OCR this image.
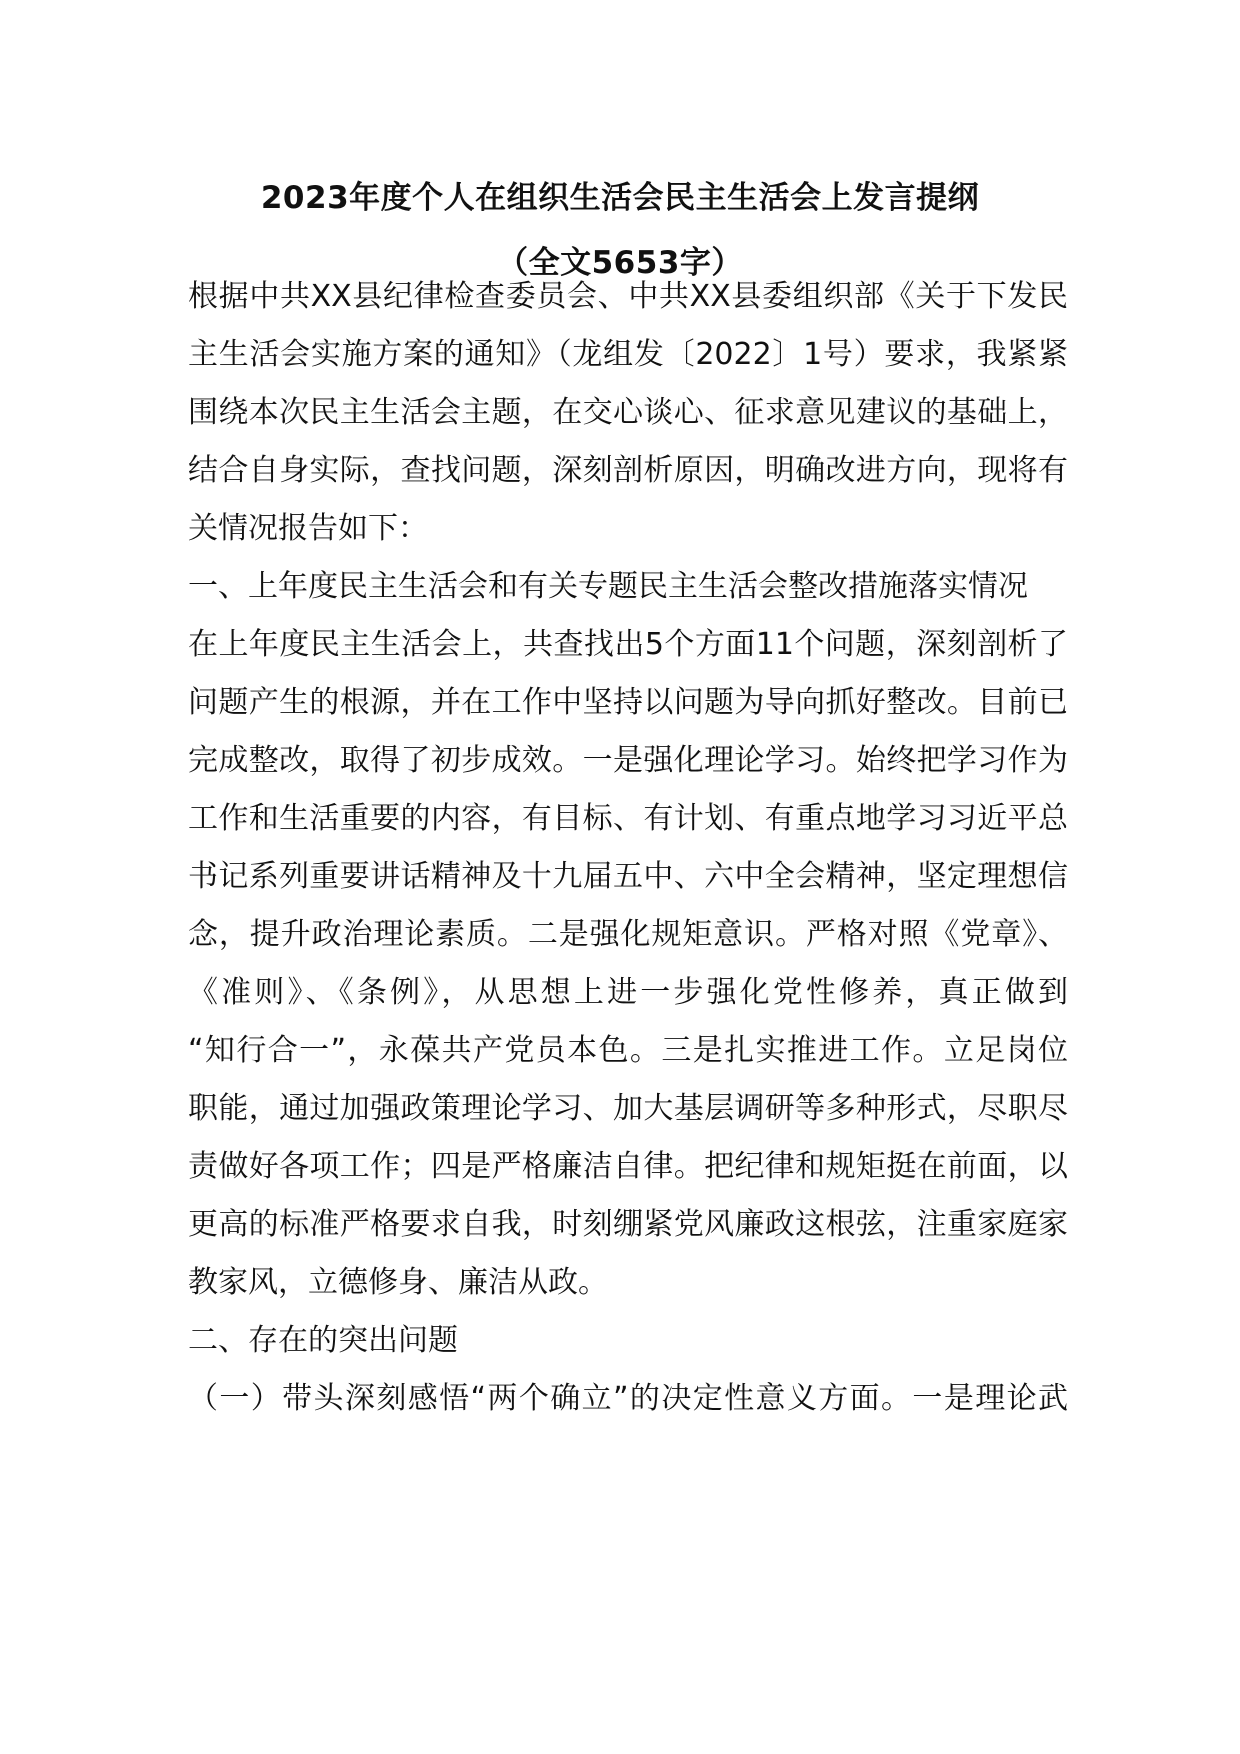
2023年度个人在组织生活会民主生活会上发言提纲
（全文5653字）

根据中共XX县纪律检查委员会、中共XX县委组织部《关于下发民

主生活会实施方案的通知》（龙组发〔2022〕1号）要求，我紧紧

围绕本次民主生活会主题，在交心谈心、征求意见建议的基础上，

结合自身实际，查找问题，深刻剖析原因，明确改进方向，现将有

关情况报告如下：

一、上年度民主生活会和有关专题民主生活会整改措施落实情况

在上年度民主生活会上，共查找出5个方面11个问题，深刻剖析了

问题产生的根源，并在工作中坚持以问题为导向抓好整改。目前已

完成整改，取得了初步成效。一是强化理论学习。始终把学习作为

工作和生活重要的内容，有目标、有计划、有重点地学习习近平总

书记系列重要讲话精神及十九届五中、六中全会精神，坚定理想信

念，提升政治理论素质。二是强化规矩意识。严格对照《党章》、

《准则》、《条例》，从思想上进一步强化党性修养，真正做到

“知行合一”，永葆共产党员本色。三是扎实推进工作。立足岗位

职能，通过加强政策理论学习、加大基层调研等多种形式，尽职尽

责做好各项工作；四是严格廉洁自律。把纪律和规矩挺在前面，以

更高的标准严格要求自我，时刻绷紧党风廉政这根弦，注重家庭家

教家风，立德修身、廉洁从政。

二、存在的突出问题

（一）带头深刻感悟“两个确立”的决定性意义方面。一是理论武
